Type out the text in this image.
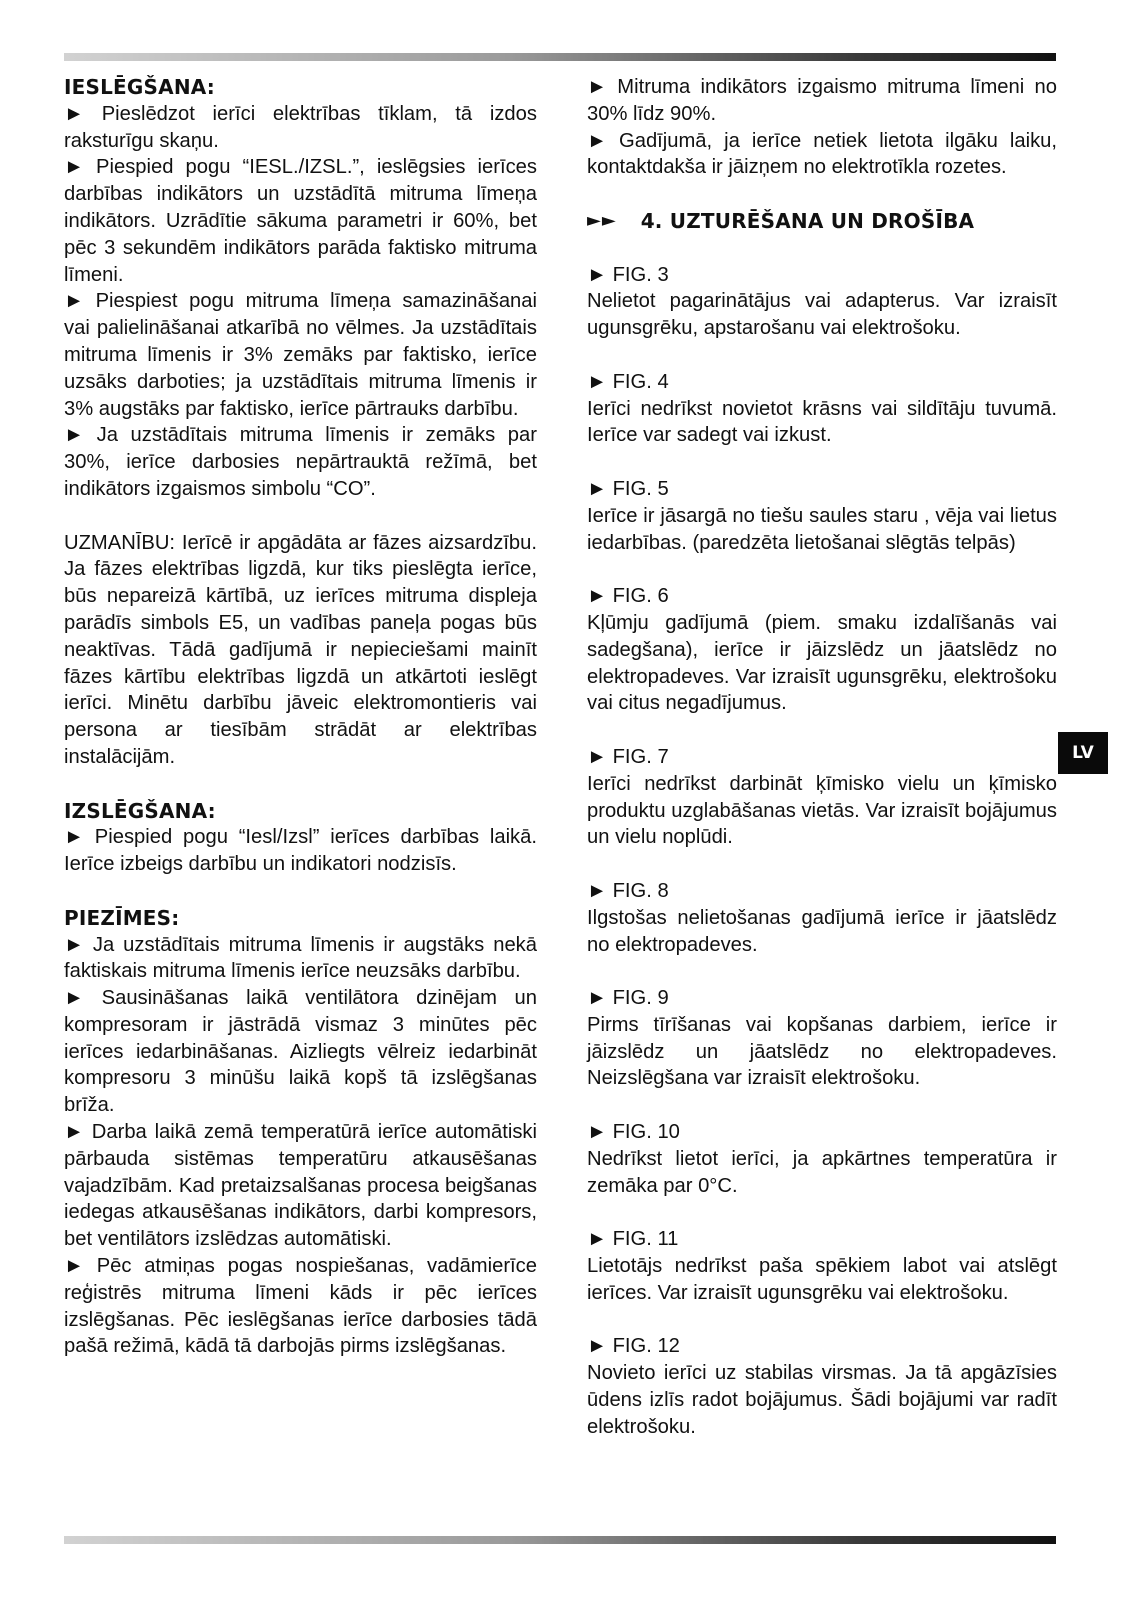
IESLĒGŠANA:

► Pieslēdzot ierīci elektrības tīklam, tā izdos raksturīgu skaņu.

► Piespied pogu “IESL./IZSL.”, ieslēgsies ierīces darbības indikātors un uzstādītā mitruma līmeņa indikātors. Uzrādītie sākuma parametri ir 60%, bet pēc 3 sekundēm indikātors parāda faktisko mitruma līmeni.

► Piespiest pogu mitruma līmeņa samazināšanai vai palielināšanai atkarībā no vēlmes. Ja uzstādītais mitruma līmenis ir 3% zemāks par faktisko, ierīce uzsāks darboties; ja uzstādītais mitruma līmenis ir 3% augstāks par faktisko, ierīce pārtrauks darbību.

► Ja uzstādītais mitruma līmenis ir zemāks par 30%, ierīce darbosies nepārtrauktā režīmā, bet indikātors izgaismos simbolu “CO”.

UZMANĪBU: Ierīcē ir apgādāta ar fāzes aizsardzību. Ja fāzes elektrības ligzdā, kur tiks pieslēgta ierīce, būs nepareizā kārtībā, uz ierīces mitruma displeja parādīs simbols E5, un vadības paneļa pogas būs neaktīvas. Tādā gadījumā ir nepieciešami mainīt fāzes kārtību elektrības ligzdā un atkārtoti ieslēgt ierīci. Minētu darbību jāveic elektromontieris vai persona ar tiesībām strādāt ar elektrības instalācijām.

IZSLĒGŠANA:

► Piespied pogu “Iesl/Izsl” ierīces darbības laikā. Ierīce izbeigs darbību un indikatori nodzisīs.

PIEZĪMES:

► Ja uzstādītais mitruma līmenis ir augstāks nekā faktiskais mitruma līmenis ierīce neuzsāks darbību.

► Sausināšanas laikā ventilātora dzinējam un kompresoram ir jāstrādā vismaz 3 minūtes pēc ierīces iedarbināšanas. Aizliegts vēlreiz iedarbināt kompresoru 3 minūšu laikā kopš tā izslēgšanas brīža.

► Darba laikā zemā temperatūrā ierīce automātiski pārbauda sistēmas temperatūru atkausēšanas vajadzībām. Kad pretaizsalšanas procesa beigšanas iedegas atkausēšanas indikātors, darbi kompresors, bet ventilātors izslēdzas automātiski.

► Pēc atmiņas pogas nospiešanas, vadāmierīce reģistrēs mitruma līmeni kāds ir pēc ierīces izslēgšanas. Pēc ieslēgšanas ierīce darbosies tādā pašā režimā, kādā tā darbojās pirms izslēgšanas.

► Mitruma indikātors izgaismo mitruma līmeni no 30% līdz 90%.

► Gadījumā, ja ierīce netiek lietota ilgāku laiku, kontaktdakša ir jāizņem no elektrotīkla rozetes.

►► 4. UZTURĒŠANA UN DROŠĪBA

► FIG. 3

Nelietot pagarinātājus vai adapterus. Var izraisīt ugunsgrēku, apstarošanu vai elektrošoku.

► FIG. 4

Ierīci nedrīkst novietot krāsns vai sildītāju tuvumā. Ierīce var sadegt vai izkust.

► FIG. 5

Ierīce ir jāsargā no tiešu saules staru , vēja vai lietus iedarbības. (paredzēta lietošanai slēgtās telpās)

► FIG. 6

Kļūmju gadījumā (piem. smaku izdalīšanās vai sadegšana), ierīce ir jāizslēdz un jāatslēdz no elektropadeves. Var izraisīt ugunsgrēku, elektrošoku vai citus negadījumus.

► FIG. 7

Ierīci nedrīkst darbināt ķīmisko vielu un ķīmisko produktu uzglabāšanas vietās. Var izraisīt bojājumus un vielu noplūdi.

► FIG. 8

Ilgstošas nelietošanas gadījumā ierīce ir jāatslēdz no elektropadeves.

► FIG. 9

Pirms tīrīšanas vai kopšanas darbiem, ierīce ir jāizslēdz un jāatslēdz no elektropadeves. Neizslēgšana var izraisīt elektrošoku.

► FIG. 10

Nedrīkst lietot ierīci, ja apkārtnes temperatūra ir zemāka par 0°C.

► FIG. 11

Lietotājs nedrīkst paša spēkiem labot vai atslēgt ierīces. Var izraisīt ugunsgrēku vai elektrošoku.

► FIG. 12

Novieto ierīci uz stabilas virsmas. Ja tā apgāzīsies ūdens izlīs radot bojājumus. Šādi bojājumi var radīt elektrošoku.

LV
